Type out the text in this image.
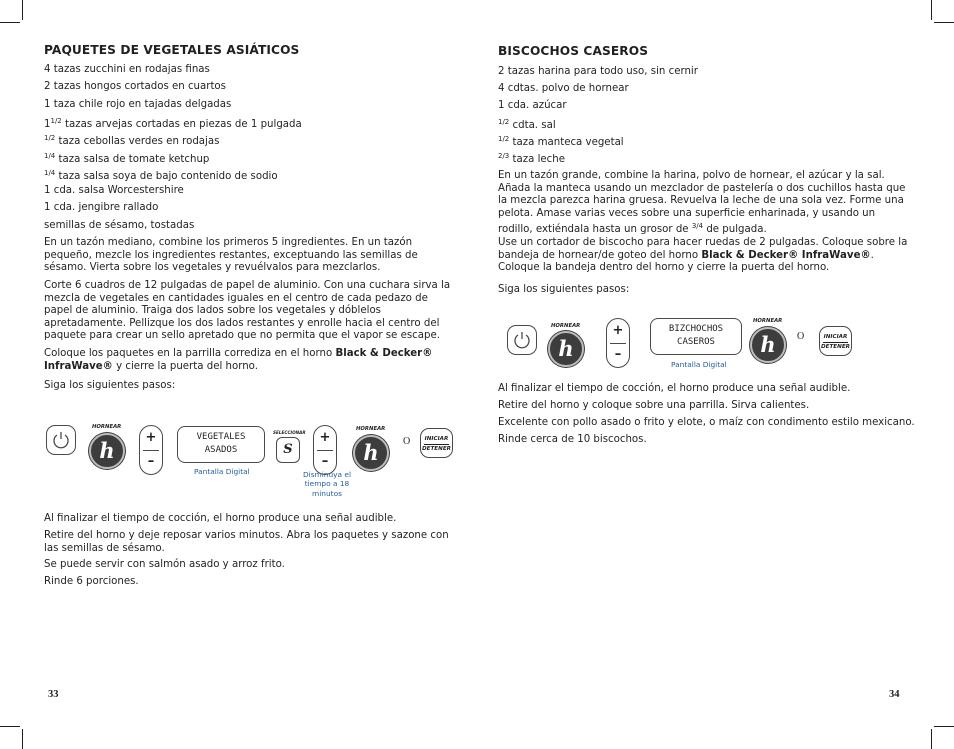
PAQUETES DE VEGETALES ASIÁTICOS
4 tazas zucchini en rodajas finas
2 tazas hongos cortados en cuartos
1 taza chile rojo en tajadas delgadas
$1^{1/2}$ tazas arvejas cortadas en piezas de 1 pulgada
$^{1/2}$ taza cebollas verdes en rodajas
$^{1/4}$ taza salsa de tomate ketchup
$^{1/4}$ taza salsa soya de bajo contenido de sodio
1 cda. salsa Worcestershire
1 cda. jengibre rallado
semillas de sésamo, tostadas
En un tazón mediano, combine los primeros 5 ingredientes. En un tazón pequeño, mezcle los ingredientes restantes, exceptuando las semillas de sésamo. Vierta sobre los vegetales y revuélvalos para mezclarlos.
Corte 6 cuadros de 12 pulgadas de papel de aluminio. Con una cuchara sirva la mezcla de vegetales en cantidades iguales en el centro de cada pedazo de papel de aluminio. Traiga dos lados sobre los vegetales y dóblelos apretadamente. Pellizque los dos lados restantes y enrolle hacia el centro del paquete para crear un sello apretado que no permita que el vapor se escape.
Coloque los paquetes en la parrilla corrediza en el horno Black & Decker® InfraWave® y cierre la puerta del horno.
Siga los siguientes pasos:
HORNEAR
h
+
–
VEGETALES
ASADOS
Pantalla Digital
SELECCIONAR
S
+
–
Disminuya el tiempo a 18 minutos
HORNEAR
h	O	INICIAR
DETENER
Al finalizar el tiempo de cocción, el horno produce una señal audible.
Retire del horno y deje reposar varios minutos. Abra los paquetes y sazone con las semillas de sésamo.
Se puede servir con salmón asado y arroz frito.
Rinde 6 porciones.
33
BISCOCHOS CASEROS
2 tazas harina para todo uso, sin cernir
4 cdtas. polvo de hornear
1 cda. azúcar
$^{1/2}$ cdta. sal
$^{1/2}$ taza manteca vegetal
$^{2/3}$ taza leche
En un tazón grande, combine la harina, polvo de hornear, el azúcar y la sal. Añada la manteca usando un mezclador de pastelería o dos cuchillos hasta que la mezcla parezca harina gruesa. Revuelva la leche de una sola vez. Forme una pelota. Amase varias veces sobre una superficie enharinada, y usando un rodillo, extiéndala hasta un grosor de $^{3/4}$ de pulgada.
Use un cortador de biscocho para hacer ruedas de 2 pulgadas. Coloque sobre la bandeja de hornear/de goteo del horno Black & Decker® InfraWave®. Coloque la bandeja dentro del horno y cierre la puerta del horno.
Siga los siguientes pasos:
HORNEAR
h
+
–
BIZCHOCHOS
CASEROS
Pantalla Digital
HORNEAR
h	O	INICIAR
DETENER
Al finalizar el tiempo de cocción, el horno produce una señal audible.
Retire del horno y coloque sobre una parrilla. Sirva calientes.
Excelente con pollo asado o frito y elote, o maíz con condimento estilo mexicano.
Rinde cerca de 10 biscochos.
34
